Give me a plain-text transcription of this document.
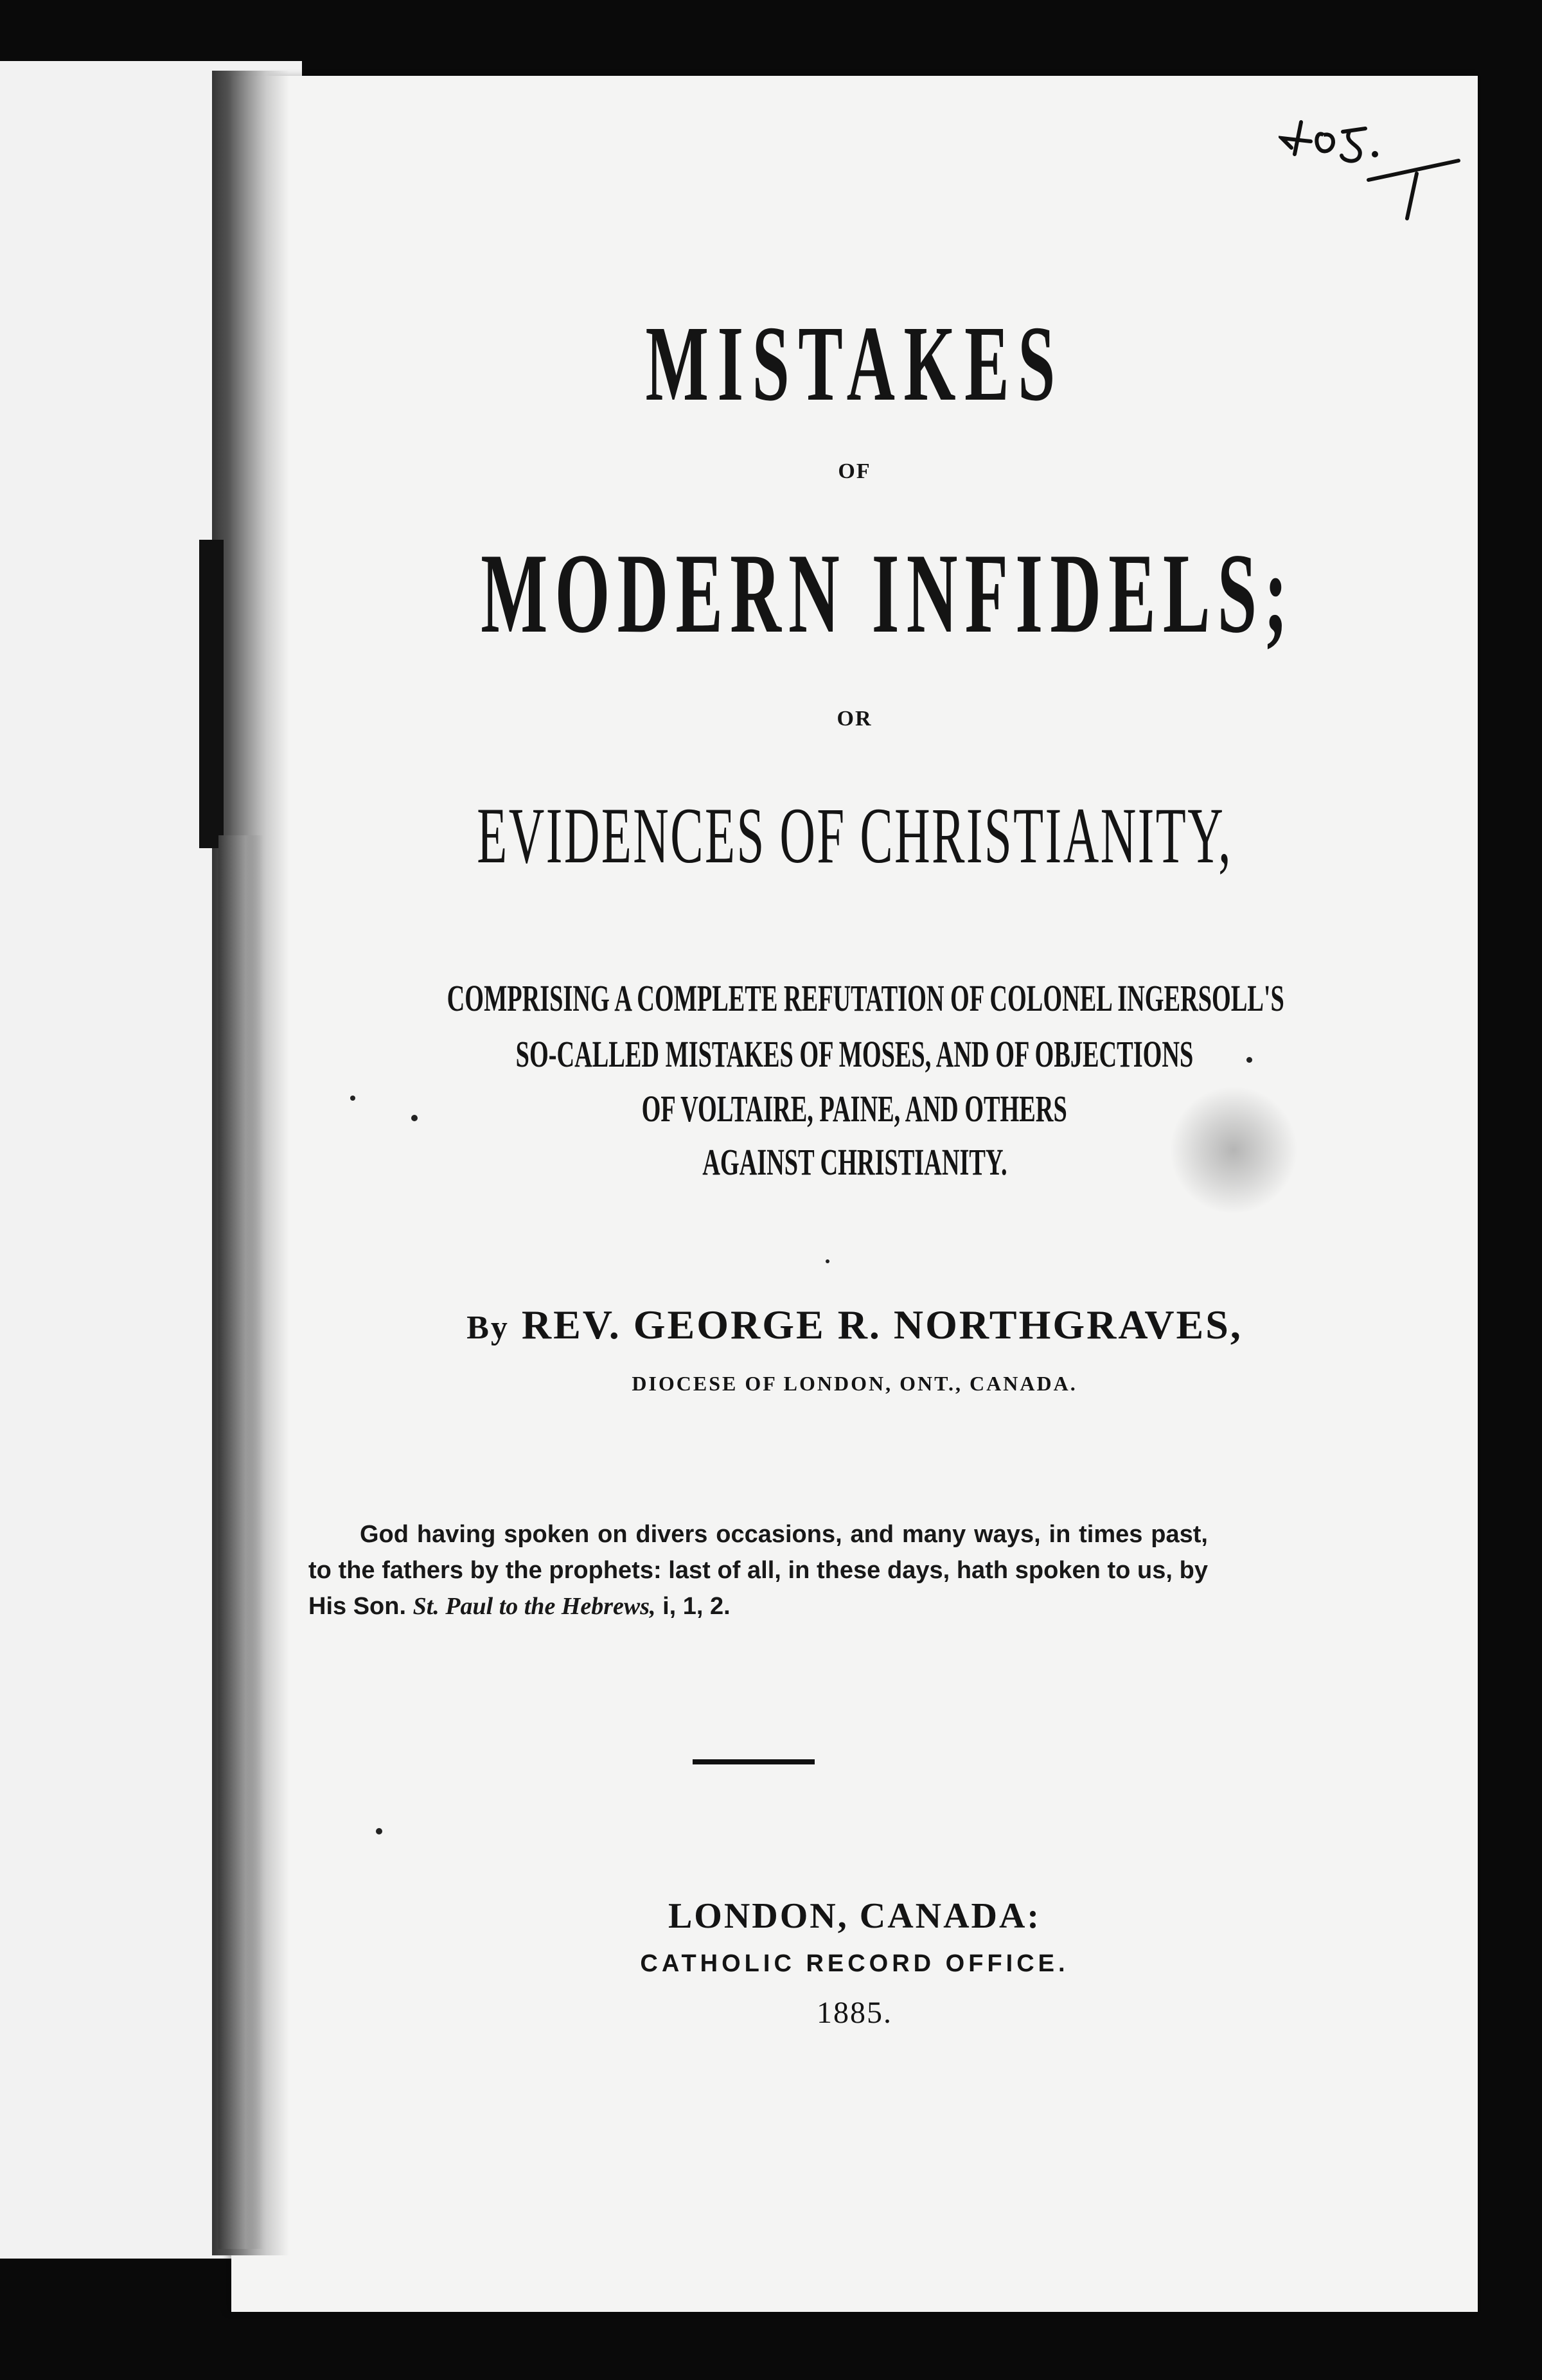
405.
MISTAKES
OF
MODERN INFIDELS;
OR
EVIDENCES OF CHRISTIANITY,
COMPRISING A COMPLETE REFUTATION OF COLONEL INGERSOLL'S
SO-CALLED MISTAKES OF MOSES, AND OF OBJECTIONS
OF VOLTAIRE, PAINE, AND OTHERS
AGAINST CHRISTIANITY.
By REV. GEORGE R. NORTHGRAVES,
DIOCESE OF LONDON, ONT., CANADA.
God having spoken on divers occasions, and many ways, in times past, to the fathers by the prophets: last of all, in these days, hath spoken to us, by His Son. St. Paul to the Hebrews, i, 1, 2.
LONDON, CANADA:
CATHOLIC RECORD OFFICE.
1885.
